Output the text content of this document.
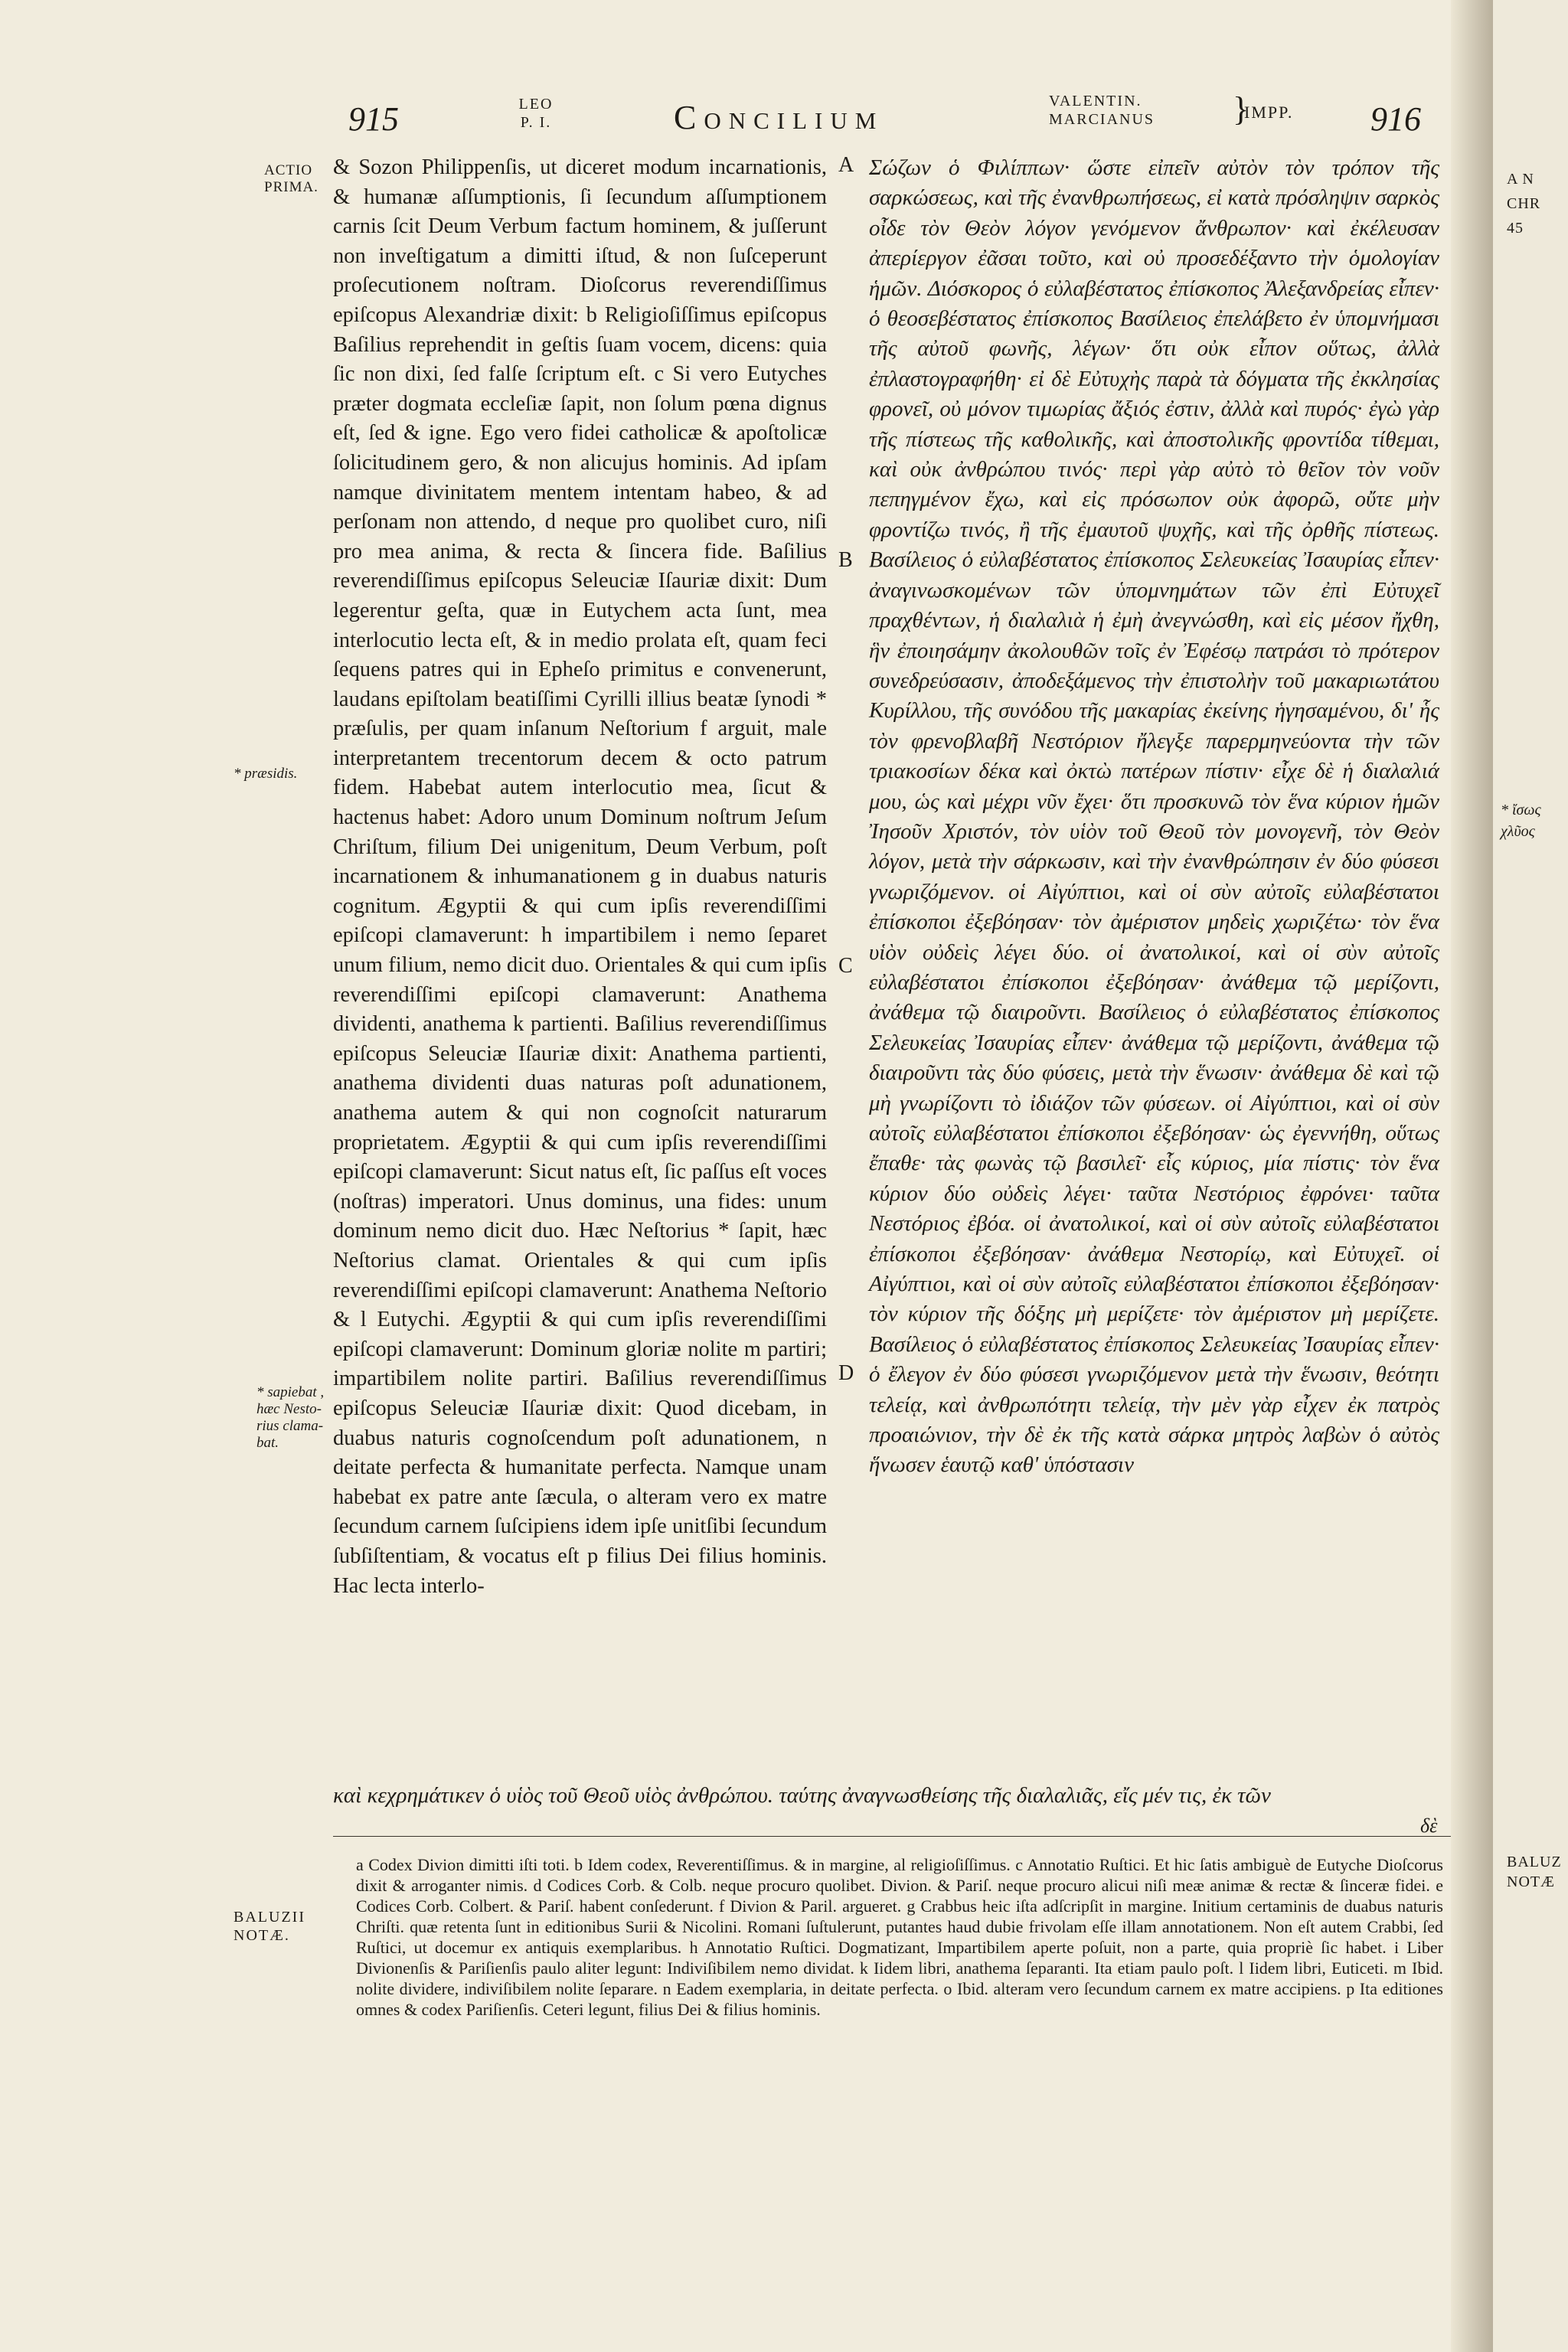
915	LEO
P. I.	Concilium	VALENTIN.
MARCIANUS	}
IMPP. 916
ACTIO
PRIMA.
* præsidis.
* sapiebat ,
hæc Nesto-
rius clama-
bat.

& Sozon Philippenſis, ut diceret modum incarnationis, & humanæ aſſumptionis, ſi ſecundum aſſumptionem carnis ſcit Deum Verbum factum hominem, & juſſerunt non inveſtigatum a dimitti iſtud, & non ſuſceperunt proſecutionem noſtram. Dioſcorus reverendiſſimus epiſcopus Alexandriæ dixit: b Religioſiſſimus epiſcopus Baſilius reprehendit in geſtis ſuam vocem, dicens: quia ſic non dixi, ſed falſe ſcriptum eſt. c Si vero Eutyches præter dogmata eccleſiæ ſapit, non ſolum pœna dignus eſt, ſed & igne. Ego vero fidei catholicæ & apoſtolicæ ſolicitudinem gero, & non alicujus hominis. Ad ipſam namque divinitatem mentem intentam habeo, & ad perſonam non attendo, d neque pro quolibet curo, niſi pro mea anima, & recta & ſincera fide. Baſilius reverendiſſimus epiſcopus Seleuciæ Iſauriæ dixit: Dum legerentur geſta, quæ in Eutychem acta ſunt, mea interlocutio lecta eſt, & in medio prolata eſt, quam feci ſequens patres qui in Epheſo primitus e convenerunt, laudans epiſtolam beatiſſimi Cyrilli illius beatæ ſynodi * præſulis, per quam inſanum Neſtorium f arguit, male interpretantem trecentorum decem & octo patrum fidem. Habebat autem interlocutio mea, ſicut & hactenus habet: Adoro unum Dominum noſtrum Jeſum Chriſtum, filium Dei unigenitum, Deum Verbum, poſt incarnationem & inhumanationem g in duabus naturis cognitum. Ægyptii & qui cum ipſis reverendiſſimi epiſcopi clamaverunt: h impartibilem i nemo ſeparet unum filium, nemo dicit duo. Orientales & qui cum ipſis reverendiſſimi epiſcopi clamaverunt: Anathema dividenti, anathema k partienti. Baſilius reverendiſſimus epiſcopus Seleuciæ Iſauriæ dixit: Anathema partienti, anathema dividenti duas naturas poſt adunationem, anathema autem & qui non cognoſcit naturarum proprietatem. Ægyptii & qui cum ipſis reverendiſſimi epiſcopi clamaverunt: Sicut natus eſt, ſic paſſus eſt voces (noſtras) imperatori. Unus dominus, una fides: unum dominum nemo dicit duo. Hæc Neſtorius * ſapit, hæc Neſtorius clamat. Orientales & qui cum ipſis reverendiſſimi epiſcopi clamaverunt: Anathema Neſtorio & l Eutychi. Ægyptii & qui cum ipſis reverendiſſimi epiſcopi clamaverunt: Dominum gloriæ nolite m partiri; impartibilem nolite partiri. Baſilius reverendiſſimus epiſcopus Seleuciæ Iſauriæ dixit: Quod dicebam, in duabus naturis cognoſcendum poſt adunationem, n deitate perfecta & humanitate perfecta. Namque unam habebat ex patre ante ſæcula, o alteram vero ex matre ſecundum carnem ſuſcipiens idem ipſe unitſibi ſecundum ſubſiſtentiam, & vocatus eſt p filius Dei filius hominis. Hac lecta interlo-

A
B
C
D

Σώζων ὁ Φιλίππων· ὥστε εἰπεῖν αὐτὸν τὸν τρόπον τῆς σαρκώσεως, καὶ τῆς ἐνανθρωπήσεως, εἰ κατὰ πρόσληψιν σαρκὸς οἶδε τὸν Θεὸν λόγον γενόμενον ἄνθρωπον· καὶ ἐκέλευσαν ἀπερίεργον ἐᾶσαι τοῦτο, καὶ οὐ προσεδέξαντο τὴν ὁμολογίαν ἡμῶν. Διόσκορος ὁ εὐλαβέστατος ἐπίσκοπος Ἀλεξανδρείας εἶπεν· ὁ θεοσεβέστατος ἐπίσκοπος Βασίλειος ἐπελάβετο ἐν ὑπομνήμασι τῆς αὐτοῦ φωνῆς, λέγων· ὅτι οὐκ εἶπον οὕτως, ἀλλὰ ἐπλαστογραφήθη· εἰ δὲ Εὐτυχὴς παρὰ τὰ δόγματα τῆς ἐκκλησίας φρονεῖ, οὐ μόνον τιμωρίας ἄξιός ἐστιν, ἀλλὰ καὶ πυρός· ἐγὼ γὰρ τῆς πίστεως τῆς καθολικῆς, καὶ ἀποστολικῆς φροντίδα τίθεμαι, καὶ οὐκ ἀνθρώπου τινός· περὶ γὰρ αὐτὸ τὸ θεῖον τὸν νοῦν πεπηγμένον ἔχω, καὶ εἰς πρόσωπον οὐκ ἀφορῶ, οὔτε μὴν φροντίζω τινός, ἢ τῆς ἐμαυτοῦ ψυχῆς, καὶ τῆς ὀρθῆς πίστεως. Βασίλειος ὁ εὐλαβέστατος ἐπίσκοπος Σελευκείας Ἰσαυρίας εἶπεν· ἀναγινωσκομένων τῶν ὑπομνημάτων τῶν ἐπὶ Εὐτυχεῖ πραχθέντων, ἡ διαλαλιὰ ἡ ἐμὴ ἀνεγνώσθη, καὶ εἰς μέσον ἤχθη, ἣν ἐποιησάμην ἀκολουθῶν τοῖς ἐν Ἐφέσῳ πατράσι τὸ πρότερον συνεδρεύσασιν, ἀποδεξάμενος τὴν ἐπιστολὴν τοῦ μακαριωτάτου Κυρίλλου, τῆς συνόδου τῆς μακαρίας ἐκείνης ἡγησαμένου, δι' ἧς τὸν φρενοβλαβῆ Νεστόριον ἤλεγξε παρερμηνεύοντα τὴν τῶν τριακοσίων δέκα καὶ ὀκτὼ πατέρων πίστιν· εἶχε δὲ ἡ διαλαλιά μου, ὡς καὶ μέχρι νῦν ἔχει· ὅτι προσκυνῶ τὸν ἕνα κύριον ἡμῶν Ἰησοῦν Χριστόν, τὸν υἱὸν τοῦ Θεοῦ τὸν μονογενῆ, τὸν Θεὸν λόγον, μετὰ τὴν σάρκωσιν, καὶ τὴν ἐνανθρώπησιν ἐν δύο φύσεσι γνωριζόμενον. οἱ Αἰγύπτιοι, καὶ οἱ σὺν αὐτοῖς εὐλαβέστατοι ἐπίσκοποι ἐξεβόησαν· τὸν ἀμέριστον μηδεὶς χωριζέτω· τὸν ἕνα υἱὸν οὐδεὶς λέγει δύο. οἱ ἀνατολικοί, καὶ οἱ σὺν αὐτοῖς εὐλαβέστατοι ἐπίσκοποι ἐξεβόησαν· ἀνάθεμα τῷ μερίζοντι, ἀνάθεμα τῷ διαιροῦντι. Βασίλειος ὁ εὐλαβέστατος ἐπίσκοπος Σελευκείας Ἰσαυρίας εἶπεν· ἀνάθεμα τῷ μερίζοντι, ἀνάθεμα τῷ διαιροῦντι τὰς δύο φύσεις, μετὰ τὴν ἕνωσιν· ἀνάθεμα δὲ καὶ τῷ μὴ γνωρίζοντι τὸ ἰδιάζον τῶν φύσεων. οἱ Αἰγύπτιοι, καὶ οἱ σὺν αὐτοῖς εὐλαβέστατοι ἐπίσκοποι ἐξεβόησαν· ὡς ἐγεννήθη, οὕτως ἔπαθε· τὰς φωνὰς τῷ βασιλεῖ· εἷς κύριος, μία πίστις· τὸν ἕνα κύριον δύο οὐδεὶς λέγει· ταῦτα Νεστόριος ἐφρόνει· ταῦτα Νεστόριος ἐβόα. οἱ ἀνατολικοί, καὶ οἱ σὺν αὐτοῖς εὐλαβέστατοι ἐπίσκοποι ἐξεβόησαν· ἀνάθεμα Νεστορίῳ, καὶ Εὐτυχεῖ. οἱ Αἰγύπτιοι, καὶ οἱ σὺν αὐτοῖς εὐλαβέστατοι ἐπίσκοποι ἐξεβόησαν· τὸν κύριον τῆς δόξης μὴ μερίζετε· τὸν ἀμέριστον μὴ μερίζετε. Βασίλειος ὁ εὐλαβέστατος ἐπίσκοπος Σελευκείας Ἰσαυρίας εἶπεν· ὁ ἔλεγον ἐν δύο φύσεσι γνωριζόμενον μετὰ τὴν ἕνωσιν, θεότητι τελείᾳ, καὶ ἀνθρωπότητι τελείᾳ, τὴν μὲν γὰρ εἶχεν ἐκ πατρὸς προαιώνιον, τὴν δὲ ἐκ τῆς κατὰ σάρκα μητρὸς λαβὼν ὁ αὐτὸς ἥνωσεν ἑαυτῷ καθ' ὑπόστασιν

καὶ κεχρημάτικεν ὁ υἱὸς τοῦ Θεοῦ υἱὸς ἀνθρώπου. ταύτης ἀναγνωσθείσης τῆς διαλαλιᾶς, εἴς μέν τις, ἐκ τῶν
δὲ
BALUZII
NOTÆ.

a Codex Divion dimitti iſti toti. b Idem codex, Reverentiſſimus. & in margine, al religioſiſſimus. c Annotatio Ruſtici. Et hic ſatis ambiguè de Eutyche Dioſcorus dixit & arroganter nimis. d Codices Corb. & Colb. neque procuro quolibet. Divion. & Pariſ. neque procuro alicui niſi meæ animæ & rectæ & ſinceræ fidei. e Codices Corb. Colbert. & Pariſ. habent conſederunt. f Divion & Paril. argueret. g Crabbus heic iſta adſcripſit in margine. Initium certaminis de duabus naturis Chriſti. quæ retenta ſunt in editionibus Surii & Nicolini. Romani ſuſtulerunt, putantes haud dubie frivolam eſſe illam annotationem. Non eſt autem Crabbi, ſed Ruſtici, ut docemur ex antiquis exemplaribus. h Annotatio Ruſtici. Dogmatizant, Impartibilem aperte poſuit, non a parte, quia propriè ſic habet. i Liber Divionenſis & Pariſienſis paulo aliter legunt: Indiviſibilem nemo dividat. k Iidem libri, anathema ſeparanti. Ita etiam paulo poſt. l Iidem libri, Euticeti. m Ibid. nolite dividere, indiviſibilem nolite ſeparare. n Eadem exemplaria, in deitate perfecta. o Ibid. alteram vero ſecundum carnem ex matre accipiens. p Ita editiones omnes & codex Pariſienſis. Ceteri legunt, filius Dei & filius hominis.

A N
CHR
45
* ἴσως
χλῦος
BALUZ
NOTÆ
